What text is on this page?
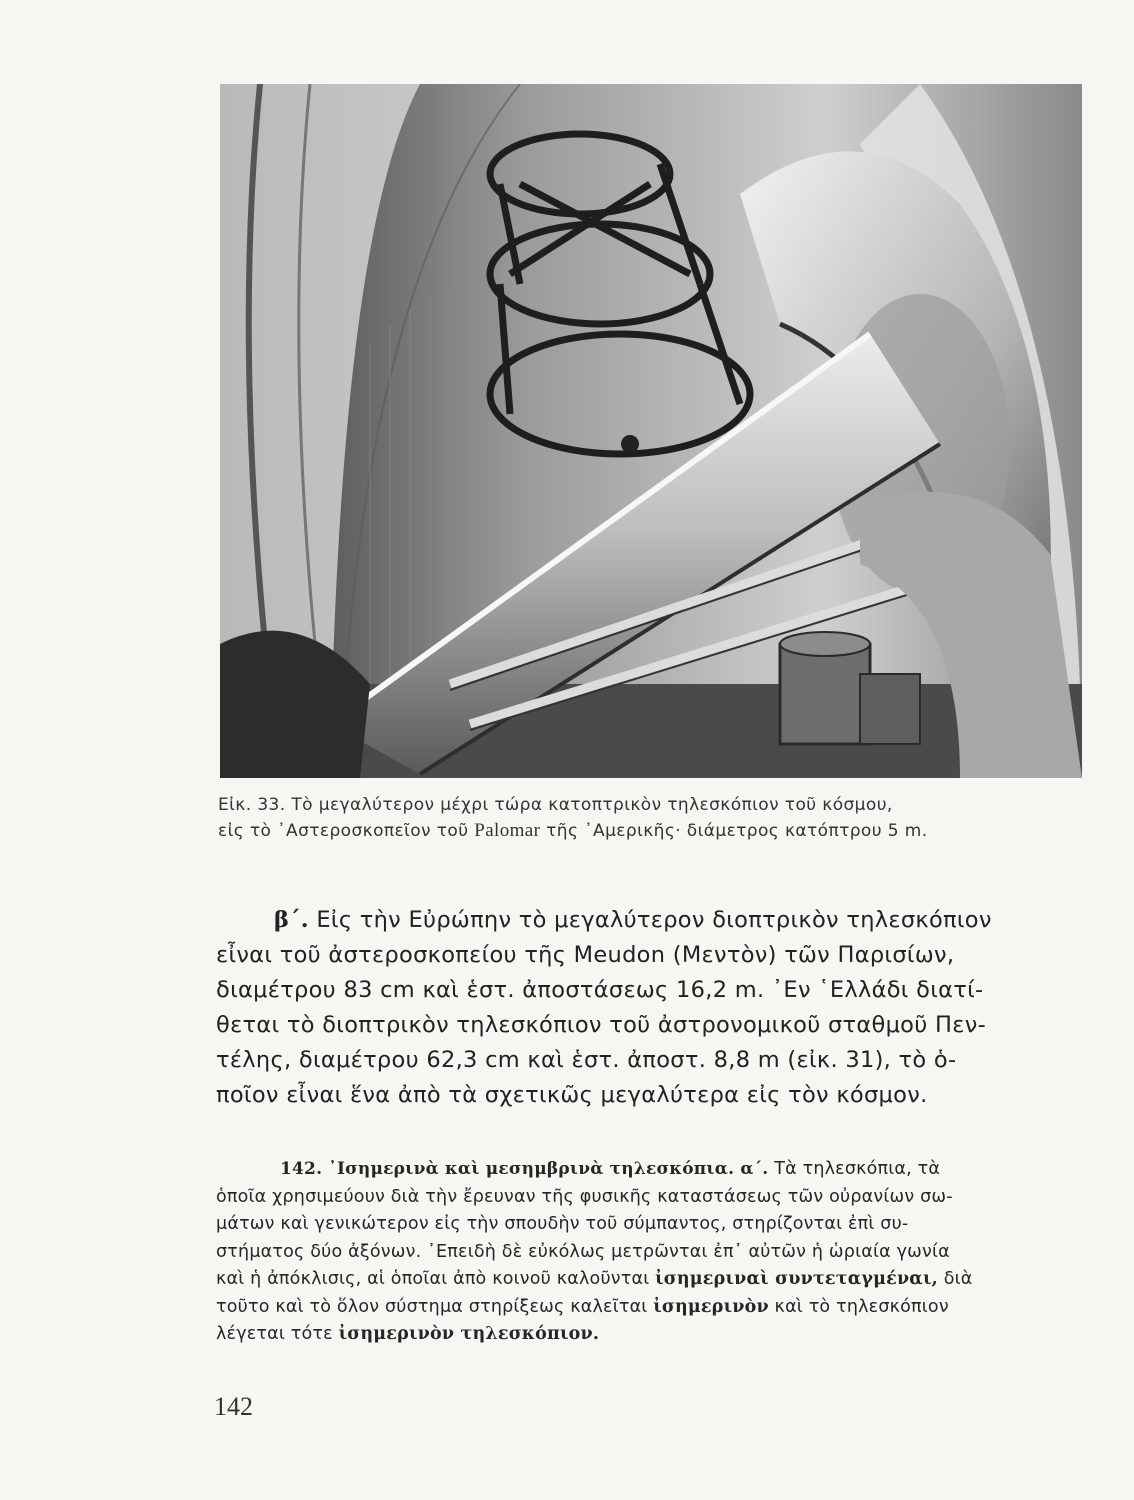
Εἰκ. 33. Τὸ μεγαλύτερον μέχρι τώρα κατοπτρικὸν τηλεσκόπιον τοῦ κόσμου,
εἰς τὸ ᾿Αστεροσκοπεῖον τοῦ Palomar τῆς ᾿Αμερικῆς· διάμετρος κατόπτρου 5 m.
β΄. Εἰς τὴν Εὐρώπην τὸ μεγαλύτερον διοπτρικὸν τηλεσκόπιον
εἶναι τοῦ ἀστεροσκοπείου τῆς Meudon (Μεντὸν) τῶν Παρισίων,
διαμέτρου 83 cm καὶ ἑστ. ἀποστάσεως 16,2 m. ᾿Εν ῾Ελλάδι διατί-
θεται τὸ διοπτρικὸν τηλεσκόπιον τοῦ ἀστρονομικοῦ σταθμοῦ Πεν-
τέλης, διαμέτρου 62,3 cm καὶ ἑστ. ἀποστ. 8,8 m (εἰκ. 31), τὸ ὁ-
ποῖον εἶναι ἕνα ἀπὸ τὰ σχετικῶς μεγαλύτερα εἰς τὸν κόσμον.
142. ᾿Ισημερινὰ καὶ μεσημβρινὰ τηλεσκόπια. α΄. Τὰ τηλεσκόπια, τὰ
ὁποῖα χρησιμεύουν διὰ τὴν ἔρευναν τῆς φυσικῆς καταστάσεως τῶν οὐρανίων σω-
μάτων καὶ γενικώτερον εἰς τὴν σπουδὴν τοῦ σύμπαντος, στηρίζονται ἐπὶ συ-
στήματος δύο ἀξόνων. ᾿Επειδὴ δὲ εὐκόλως μετρῶνται ἐπ᾿ αὐτῶν ἡ ὡριαία γωνία
καὶ ἡ ἀπόκλισις, αἱ ὁποῖαι ἀπὸ κοινοῦ καλοῦνται ἰσημεριναὶ συντεταγμέναι, διὰ
τοῦτο καὶ τὸ ὅλον σύστημα στηρίξεως καλεῖται ἰσημερινὸν καὶ τὸ τηλεσκόπιον
λέγεται τότε ἰσημερινὸν τηλεσκόπιον.
142
